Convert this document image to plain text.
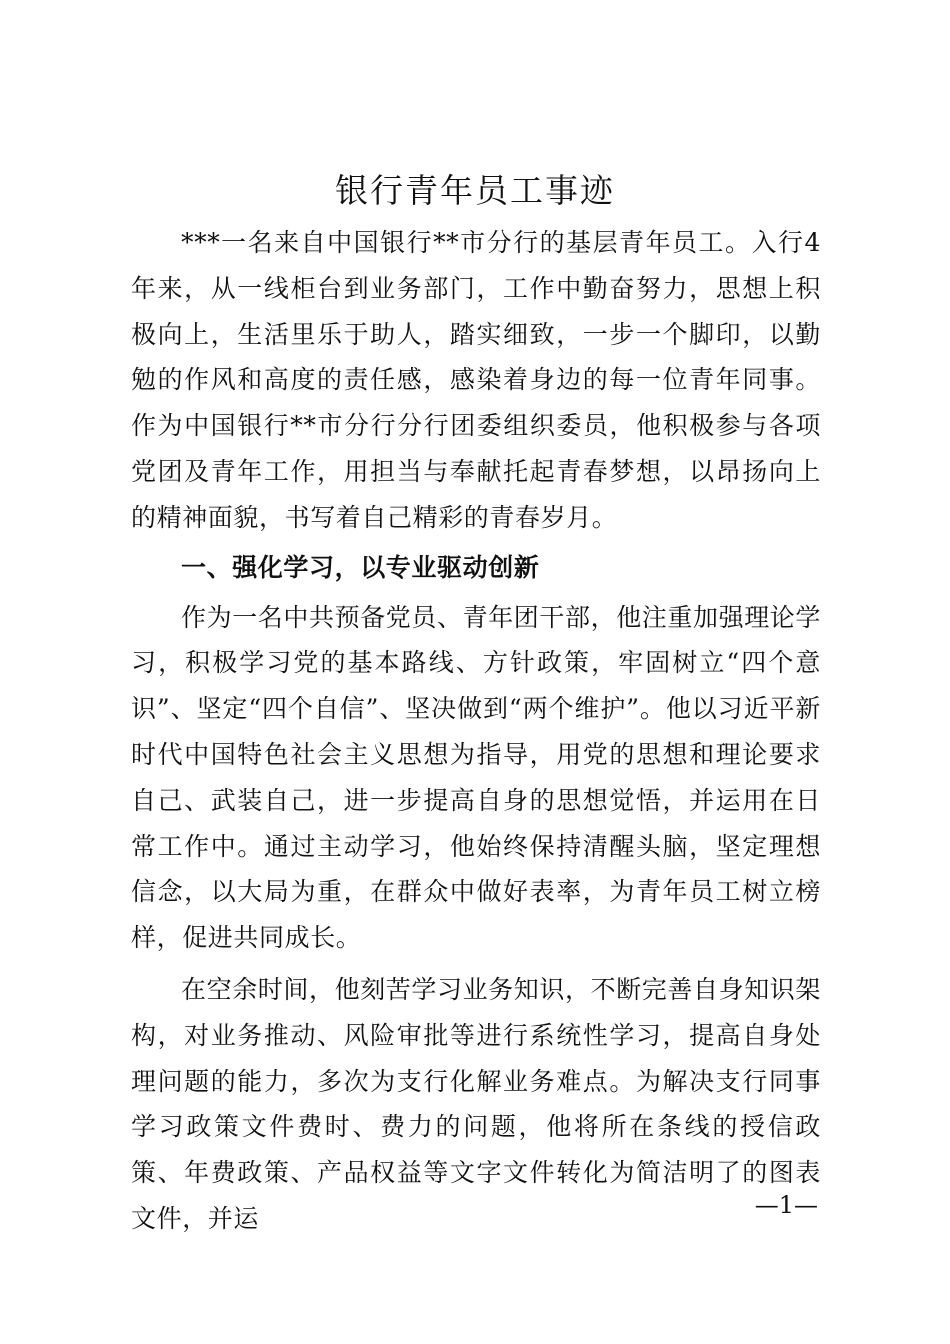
银行青年员工事迹

***一名来自中国银行**市分行的基层青年员工。入行4年来，从一线柜台到业务部门，工作中勤奋努力，思想上积极向上，生活里乐于助人，踏实细致，一步一个脚印，以勤勉的作风和高度的责任感，感染着身边的每一位青年同事。作为中国银行**市分行分行团委组织委员，他积极参与各项党团及青年工作，用担当与奉献托起青春梦想，以昂扬向上的精神面貌，书写着自己精彩的青春岁月。

一、强化学习，以专业驱动创新

作为一名中共预备党员、青年团干部，他注重加强理论学习，积极学习党的基本路线、方针政策，牢固树立“四个意识”、坚定“四个自信”、坚决做到“两个维护”。他以习近平新时代中国特色社会主义思想为指导，用党的思想和理论要求自己、武装自己，进一步提高自身的思想觉悟，并运用在日常工作中。通过主动学习，他始终保持清醒头脑，坚定理想信念，以大局为重，在群众中做好表率，为青年员工树立榜样，促进共同成长。

在空余时间，他刻苦学习业务知识，不断完善自身知识架构，对业务推动、风险审批等进行系统性学习，提高自身处理问题的能力，多次为支行化解业务难点。为解决支行同事学习政策文件费时、费力的问题，他将所在条线的授信政策、年费政策、产品权益等文字文件转化为简洁明了的图表文件，并运	—1—
